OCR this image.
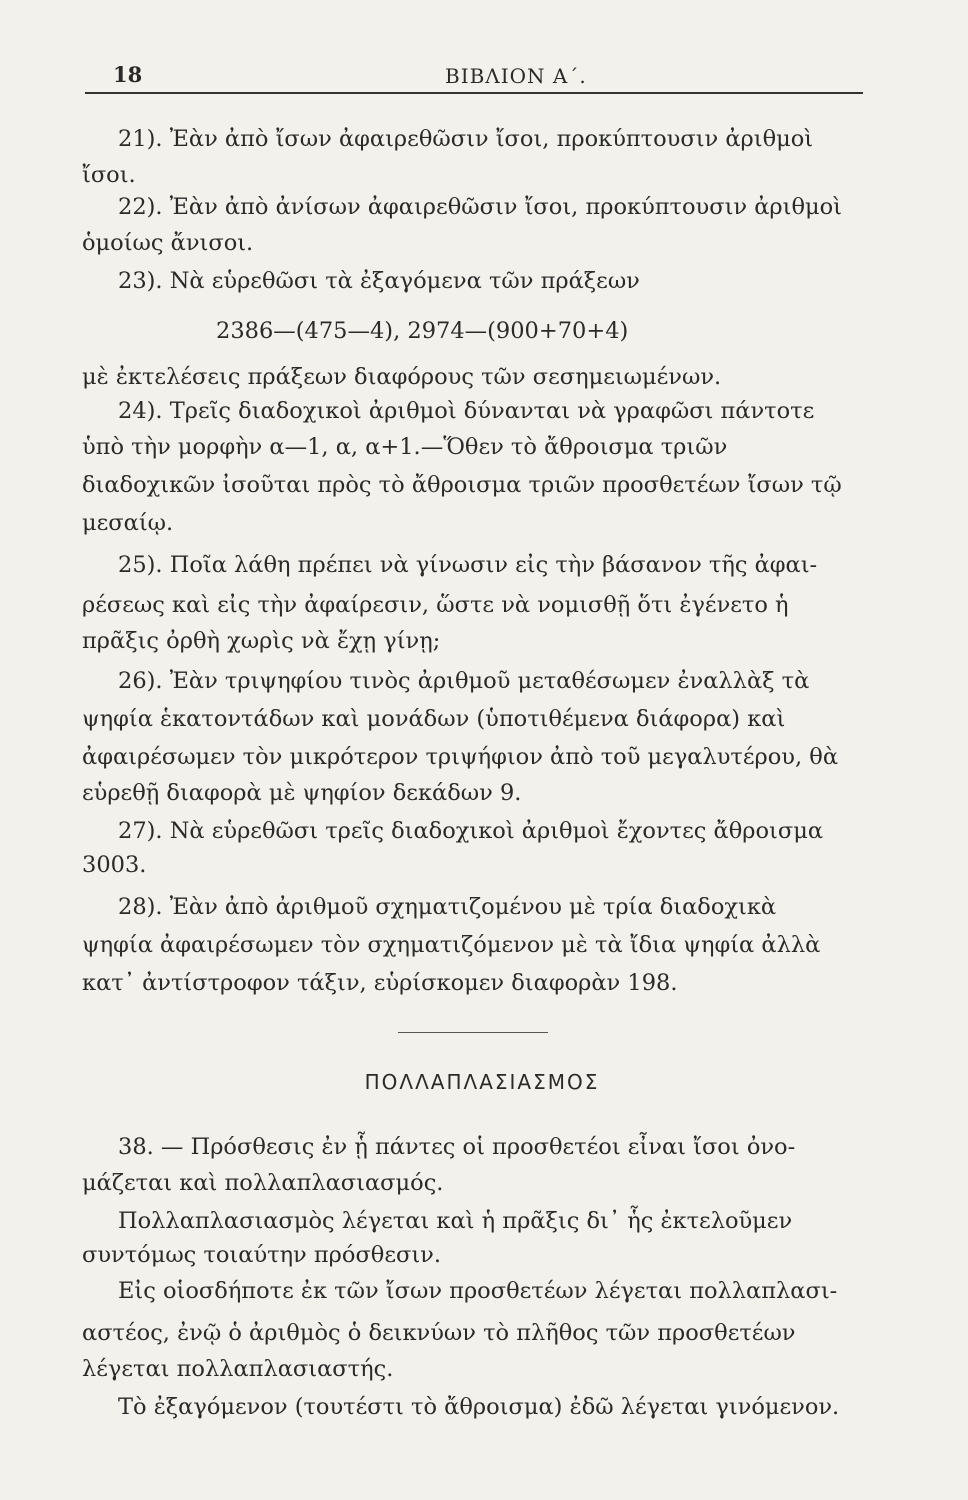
18	ΒΙΒΛΙΟΝ Α΄.
21). Ἐὰν ἀπὸ ἴσων ἀφαιρεθῶσιν ἴσοι, προκύπτουσιν ἀριθμοὶ
ἴσοι.
22). Ἐὰν ἀπὸ ἀνίσων ἀφαιρεθῶσιν ἴσοι, προκύπτουσιν ἀριθμοὶ
ὁμοίως ἄνισοι.
23). Νὰ εὑρεθῶσι τὰ ἐξαγόμενα τῶν πράξεων
2386—(475—4), 2974—(900+70+4)
μὲ ἐκτελέσεις πράξεων διαφόρους τῶν σεσημειωμένων.
24). Τρεῖς διαδοχικοὶ ἀριθμοὶ δύνανται νὰ γραφῶσι πάντοτε
ὑπὸ τὴν μορφὴν α—1, α, α+1.—Ὅθεν τὸ ἄθροισμα τριῶν
διαδοχικῶν ἰσοῦται πρὸς τὸ ἄθροισμα τριῶν προσθετέων ἴσων τῷ
μεσαίῳ.
25). Ποῖα λάθη πρέπει νὰ γίνωσιν εἰς τὴν βάσανον τῆς ἀφαι-
ρέσεως καὶ εἰς τὴν ἀφαίρεσιν, ὥστε νὰ νομισθῇ ὅτι ἐγένετο ἡ
πρᾶξις ὀρθὴ χωρὶς νὰ ἔχῃ γίνῃ;
26). Ἐὰν τριψηφίου τινὸς ἀριθμοῦ μεταθέσωμεν ἐναλλὰξ τὰ
ψηφία ἑκατοντάδων καὶ μονάδων (ὑποτιθέμενα διάφορα) καὶ
ἀφαιρέσωμεν τὸν μικρότερον τριψήφιον ἀπὸ τοῦ μεγαλυτέρου, θὰ
εὑρεθῇ διαφορὰ μὲ ψηφίον δεκάδων 9.
27). Νὰ εὑρεθῶσι τρεῖς διαδοχικοὶ ἀριθμοὶ ἔχοντες ἄθροισμα
3003.
28). Ἐὰν ἀπὸ ἀριθμοῦ σχηματιζομένου μὲ τρία διαδοχικὰ
ψηφία ἀφαιρέσωμεν τὸν σχηματιζόμενον μὲ τὰ ἴδια ψηφία ἀλλὰ
κατ᾽ ἀντίστροφον τάξιν, εὑρίσκομεν διαφορὰν 198.
ΠΟΛΛΑΠΛΑΣΙΑΣΜΟΣ
38. — Πρόσθεσις ἐν ᾗ πάντες οἱ προσθετέοι εἶναι ἴσοι ὀνο-
μάζεται καὶ πολλαπλασιασμός.
Πολλαπλασιασμὸς λέγεται καὶ ἡ πρᾶξις δι᾽ ἧς ἐκτελοῦμεν
συντόμως τοιαύτην πρόσθεσιν.
Εἰς οἱοσδήποτε ἐκ τῶν ἴσων προσθετέων λέγεται πολλαπλασι-
αστέος, ἐνῷ ὁ ἀριθμὸς ὁ δεικνύων τὸ πλῆθος τῶν προσθετέων
λέγεται πολλαπλασιαστής.
Τὸ ἐξαγόμενον (τουτέστι τὸ ἄθροισμα) ἐδῶ λέγεται γινόμενον.
